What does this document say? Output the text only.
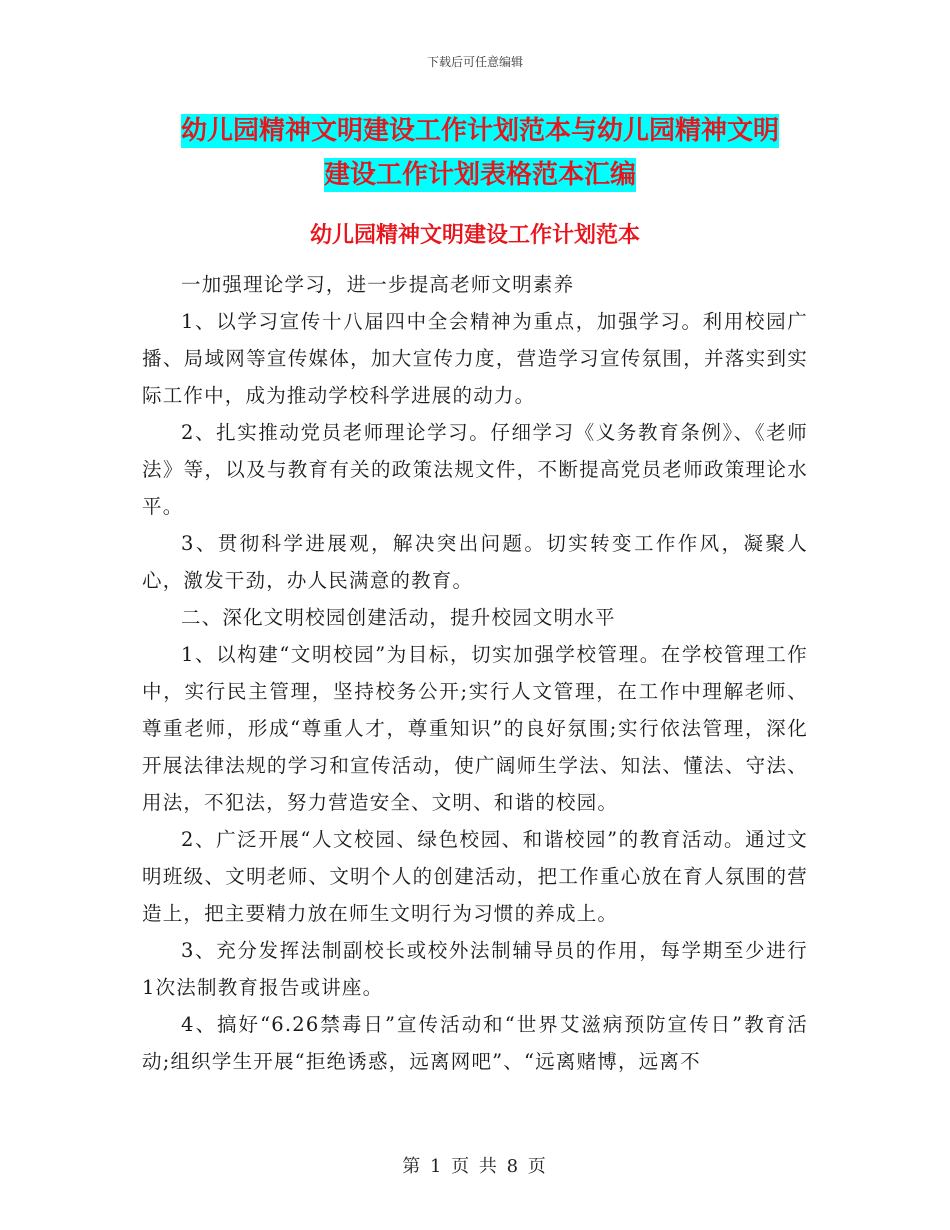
下载后可任意编辑
幼儿园精神文明建设工作计划范本与幼儿园精神文明
建设工作计划表格范本汇编
幼儿园精神文明建设工作计划范本

一加强理论学习，进一步提高老师文明素养

1、以学习宣传十八届四中全会精神为重点，加强学习。利用校园广播、局域网等宣传媒体，加大宣传力度，营造学习宣传氛围，并落实到实际工作中，成为推动学校科学进展的动力。

2、扎实推动党员老师理论学习。仔细学习《义务教育条例》、《老师法》等，以及与教育有关的政策法规文件，不断提高党员老师政策理论水平。

3、贯彻科学进展观，解决突出问题。切实转变工作作风，凝聚人心，激发干劲，办人民满意的教育。

二、深化文明校园创建活动，提升校园文明水平

1、以构建“文明校园”为目标，切实加强学校管理。在学校管理工作中，实行民主管理，坚持校务公开;实行人文管理，在工作中理解老师、尊重老师，形成“尊重人才，尊重知识”的良好氛围;实行依法管理，深化开展法律法规的学习和宣传活动，使广阔师生学法、知法、懂法、守法、用法，不犯法，努力营造安全、文明、和谐的校园。

2、广泛开展“人文校园、绿色校园、和谐校园”的教育活动。通过文明班级、文明老师、文明个人的创建活动，把工作重心放在育人氛围的营造上，把主要精力放在师生文明行为习惯的养成上。

3、充分发挥法制副校长或校外法制辅导员的作用，每学期至少进行1次法制教育报告或讲座。

4、搞好“6.26禁毒日”宣传活动和“世界艾滋病预防宣传日”教育活动;组织学生开展“拒绝诱惑，远离网吧”、“远离赌博，远离不

第 1 页 共 8 页
